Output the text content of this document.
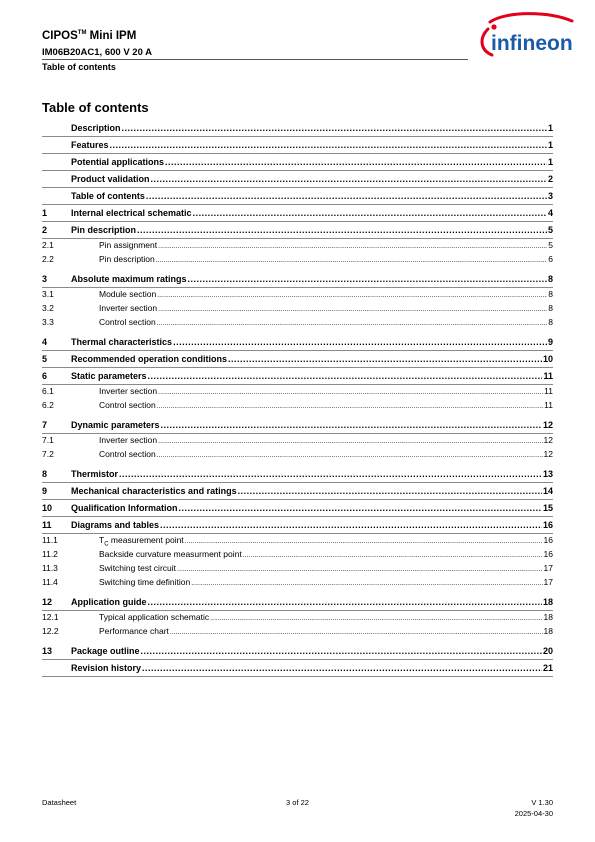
CIPOS™ Mini IPM
IM06B20AC1, 600 V 20 A
Table of contents
infineon
Table of contents
Description .....	1
Features .....	1
Potential applications .....	1
Product validation .....	2
Table of contents .....	3
1	Internal electrical schematic .....	4
2	Pin description .....	5
2.1	Pin assignment .....	5
2.2	Pin description .....	6
3	Absolute maximum ratings .....	8
3.1	Module section .....	8
3.2	Inverter section .....	8
3.3	Control section .....	8
4	Thermal characteristics .....	9
5	Recommended operation conditions .....	10
6	Static parameters .....	11
6.1	Inverter section .....	11
6.2	Control section .....	11
7	Dynamic parameters .....	12
7.1	Inverter section .....	12
7.2	Control section .....	12
8	Thermistor .....	13
9	Mechanical characteristics and ratings .....	14
10	Qualification Information .....	15
11	Diagrams and tables .....	16
11.1	$T_C$ measurement point .....	16
11.2	Backside curvature measurment point .....	16
11.3	Switching test circuit .....	17
11.4	Switching time definition .....	17
12	Application guide .....	18
12.1	Typical application schematic .....	18
12.2	Performance chart .....	18
13	Package outline .....	20
Revision history .....	21
Datasheet	3 of 22	V 1.30
2025-04-30
